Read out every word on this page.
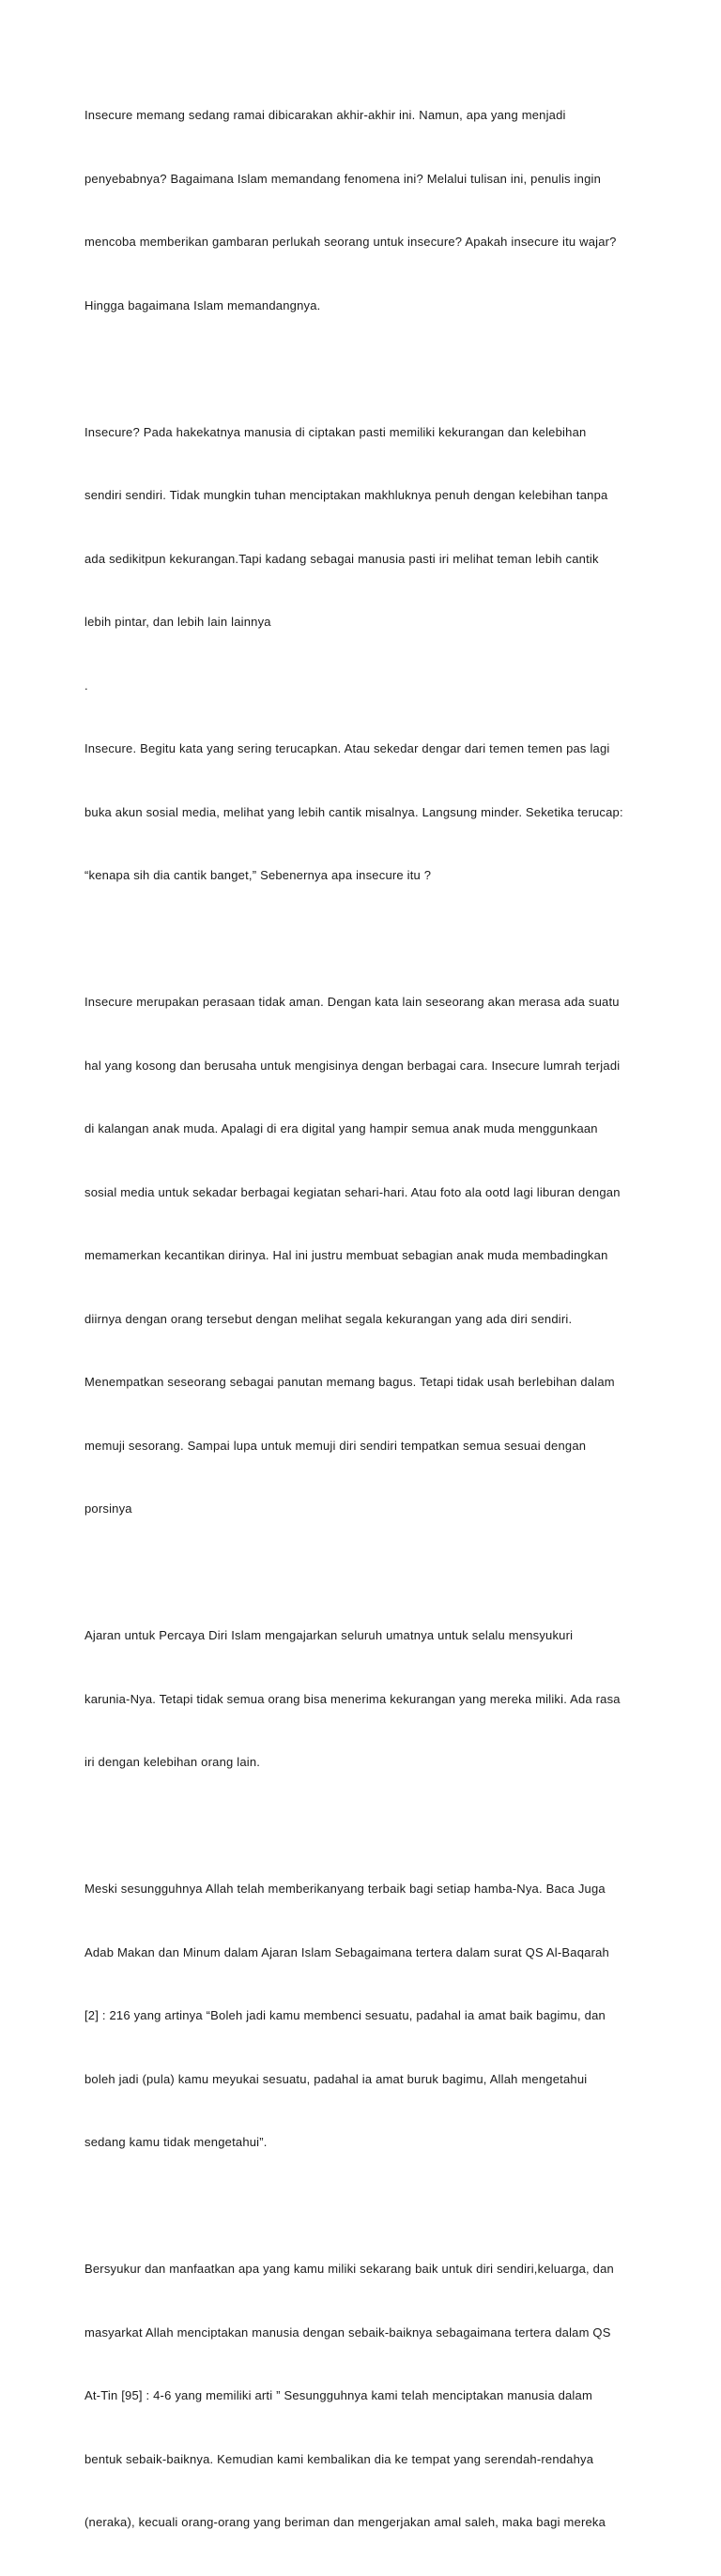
Insecure memang sedang ramai dibicarakan akhir-akhir ini. Namun, apa yang menjadi

penyebabnya? Bagaimana Islam memandang fenomena ini? Melalui tulisan ini, penulis ingin

mencoba memberikan gambaran perlukah seorang untuk insecure? Apakah insecure itu wajar?

Hingga bagaimana Islam memandangnya.

Insecure? Pada hakekatnya manusia di ciptakan pasti memiliki kekurangan dan kelebihan

sendiri sendiri. Tidak mungkin tuhan menciptakan makhluknya penuh dengan kelebihan tanpa

ada sedikitpun kekurangan.Tapi kadang sebagai manusia pasti iri melihat teman lebih cantik

lebih pintar, dan lebih lain lainnya

.

Insecure. Begitu kata yang sering terucapkan. Atau sekedar dengar dari temen temen pas lagi

buka akun sosial media, melihat yang lebih cantik misalnya. Langsung minder. Seketika terucap:

“kenapa sih dia cantik banget,” Sebenernya apa insecure itu ?

Insecure merupakan perasaan tidak aman. Dengan kata lain seseorang akan merasa ada suatu

hal yang kosong dan berusaha untuk mengisinya dengan berbagai cara. Insecure lumrah terjadi

di kalangan anak muda. Apalagi di era digital yang hampir semua anak muda menggunkaan

sosial media untuk sekadar berbagai kegiatan sehari-hari. Atau foto ala ootd lagi liburan dengan

memamerkan kecantikan dirinya. Hal ini justru membuat sebagian anak muda membadingkan

diirnya dengan orang tersebut dengan melihat segala kekurangan yang ada diri sendiri.

Menempatkan seseorang sebagai panutan memang bagus. Tetapi tidak usah berlebihan dalam

memuji sesorang. Sampai lupa untuk memuji diri sendiri tempatkan semua sesuai dengan

porsinya

Ajaran untuk Percaya Diri Islam mengajarkan seluruh umatnya untuk selalu mensyukuri

karunia-Nya. Tetapi tidak semua orang bisa menerima kekurangan yang mereka miliki. Ada rasa

iri dengan kelebihan orang lain.

Meski sesungguhnya Allah telah memberikanyang terbaik bagi setiap hamba-Nya. Baca Juga

Adab Makan dan Minum dalam Ajaran Islam Sebagaimana tertera dalam surat QS Al-Baqarah

[2] : 216 yang artinya “Boleh jadi kamu membenci sesuatu, padahal ia amat baik bagimu, dan

boleh jadi (pula) kamu meyukai sesuatu, padahal ia amat buruk bagimu, Allah mengetahui

sedang kamu tidak mengetahui”.

Bersyukur dan manfaatkan apa yang kamu miliki sekarang baik untuk diri sendiri,keluarga, dan

masyarkat Allah menciptakan manusia dengan sebaik-baiknya sebagaimana tertera dalam QS

At-Tin [95] : 4-6 yang memiliki arti ” Sesungguhnya kami telah menciptakan manusia dalam

bentuk sebaik-baiknya. Kemudian kami kembalikan dia ke tempat yang serendah-rendahya

(neraka), kecuali orang-orang yang beriman dan mengerjakan amal saleh, maka bagi mereka
